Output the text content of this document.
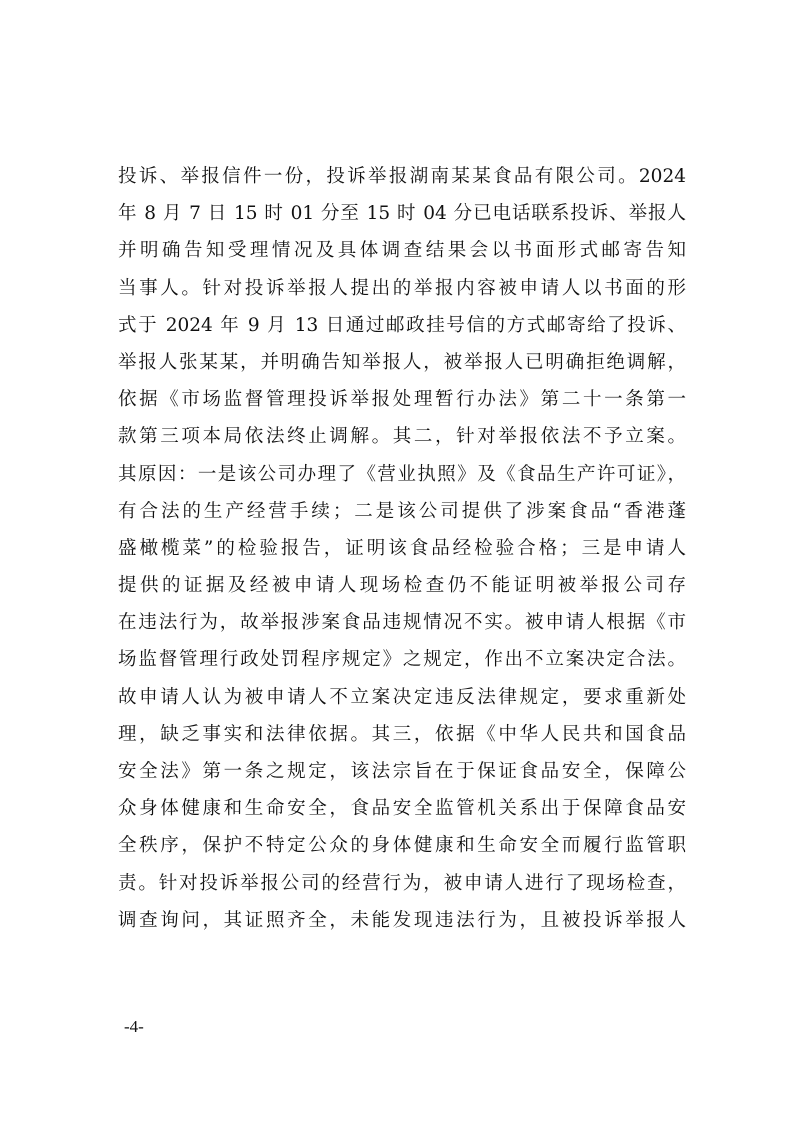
投诉、举报信件一份，投诉举报湖南某某食品有限公司。2024
年 8 月 7 日 15 时 01 分至 15 时 04 分已电话联系投诉、举报人
并明确告知受理情况及具体调查结果会以书面形式邮寄告知
当事人。针对投诉举报人提出的举报内容被申请人以书面的形
式于 2024 年 9 月 13 日通过邮政挂号信的方式邮寄给了投诉、
举报人张某某，并明确告知举报人，被举报人已明确拒绝调解，
依据《市场监督管理投诉举报处理暂行办法》第二十一条第一
款第三项本局依法终止调解。其二，针对举报依法不予立案。
其原因：一是该公司办理了《营业执照》及《食品生产许可证》，
有合法的生产经营手续；二是该公司提供了涉案食品“香港蓬
盛橄榄菜”的检验报告，证明该食品经检验合格；三是申请人
提供的证据及经被申请人现场检查仍不能证明被举报公司存
在违法行为，故举报涉案食品违规情况不实。被申请人根据《市
场监督管理行政处罚程序规定》之规定，作出不立案决定合法。
故申请人认为被申请人不立案决定违反法律规定，要求重新处
理，缺乏事实和法律依据。其三，依据《中华人民共和国食品
安全法》第一条之规定，该法宗旨在于保证食品安全，保障公
众身体健康和生命安全，食品安全监管机关系出于保障食品安
全秩序，保护不特定公众的身体健康和生命安全而履行监管职
责。针对投诉举报公司的经营行为，被申请人进行了现场检查，
调查询问，其证照齐全，未能发现违法行为，且被投诉举报人
-4-
